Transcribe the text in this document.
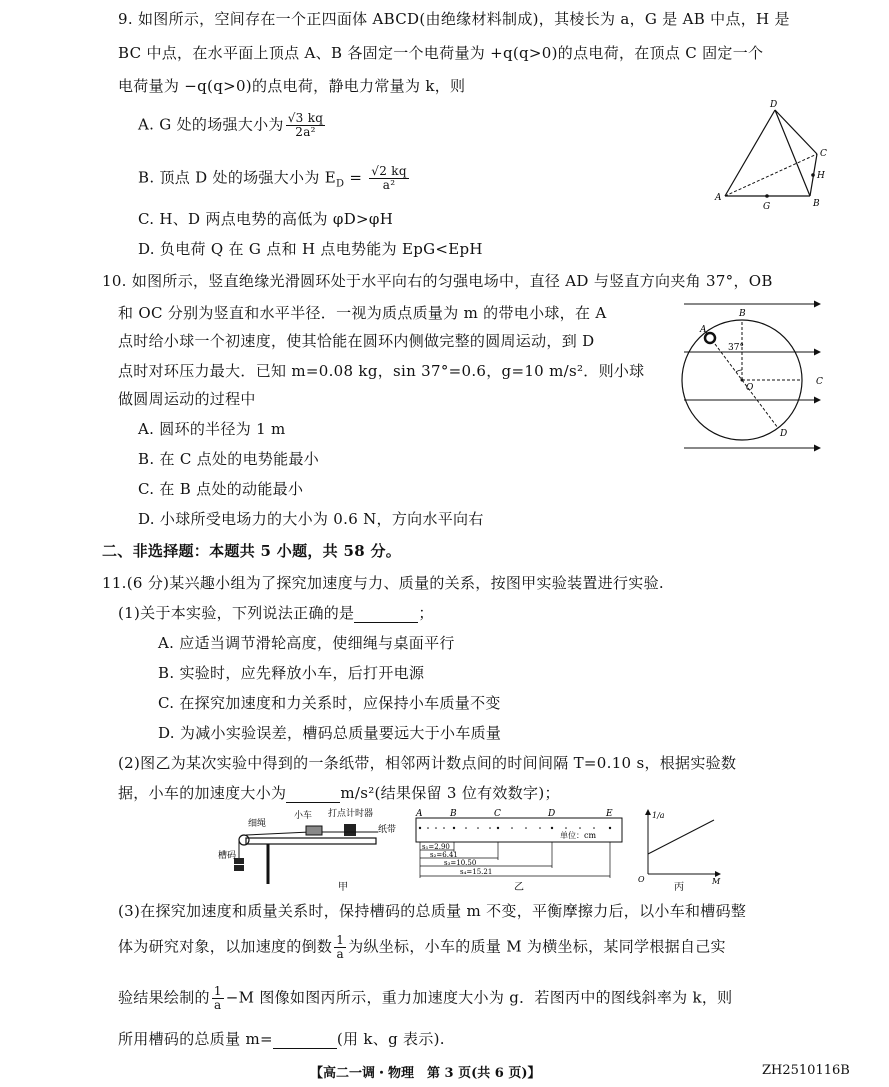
9. 如图所示，空间存在一个正四面体 ABCD(由绝缘材料制成)，其棱长为 a，G 是 AB 中点，H 是
BC 中点，在水平面上顶点 A、B 各固定一个电荷量为 +q(q>0)的点电荷，在顶点 C 固定一个
电荷量为 −q(q>0)的点电荷，静电力常量为 k，则
A. G 处的场强大小为 $\frac{√3 kq}{\text{2a²}}$
B. 顶点 D 处的场强大小为 $E_D = \frac{√2 kq}{\text{a²}}$
C. H、D 两点电势的高低为 φD>φH
D. 负电荷 Q 在 G 点和 H 点电势能为 EpG<EpH
A
B
C
D
G
H
10. 如图所示，竖直绝缘光滑圆环处于水平向右的匀强电场中，直径 AD 与竖直方向夹角 37°，OB
和 OC 分别为竖直和水平半径．一视为质点质量为 m 的带电小球，在 A
点时给小球一个初速度，使其恰能在圆环内侧做完整的圆周运动，到 D
点时对环压力最大．已知 m=0.08 kg，sin 37°=0.6，g=10 m/s²．则小球
做圆周运动的过程中
A. 圆环的半径为 1 m
B. 在 C 点处的电势能最小
C. 在 B 点处的动能最小
D. 小球所受电场力的大小为 0.6 N，方向水平向右
A
B
C
D
O
37°
二、非选择题：本题共 5 小题，共 58 分。
11.(6 分)某兴趣小组为了探究加速度与力、质量的关系，按图甲实验装置进行实验.
(1)关于本实验，下列说法正确的是	；
A. 应适当调节滑轮高度，使细绳与桌面平行
B. 实验时，应先释放小车，后打开电源
C. 在探究加速度和力关系时，应保持小车质量不变
D. 为减小实验误差，槽码总质量要远大于小车质量
(2)图乙为某次实验中得到的一条纸带，相邻两计数点间的时间间隔 T=0.10 s，根据实验数
据，小车的加速度大小为	m/s²(结果保留 3 位有效数字)；
小车 打点计时器
细绳
纸带
槽码
甲
A	B	C	D	E
单位：cm
s₁=2.90
s₂=6.41
s₃=10.50
s₄=15.21
乙
1/a
O	M
丙
(3)在探究加速度和质量关系时，保持槽码的总质量 m 不变，平衡摩擦力后，以小车和槽码整
体为研究对象，以加速度的倒数 $\frac{1}{a}$ 为纵坐标，小车的质量 M 为横坐标，某同学根据自己实
验结果绘制的 $\frac{1}{a} -M$ 图像如图丙所示，重力加速度大小为 g．若图丙中的图线斜率为 k，则
所用槽码的总质量 m=	(用 k、g 表示).
【高二一调・物理　第 3 页(共 6 页)】	ZH2510116B
